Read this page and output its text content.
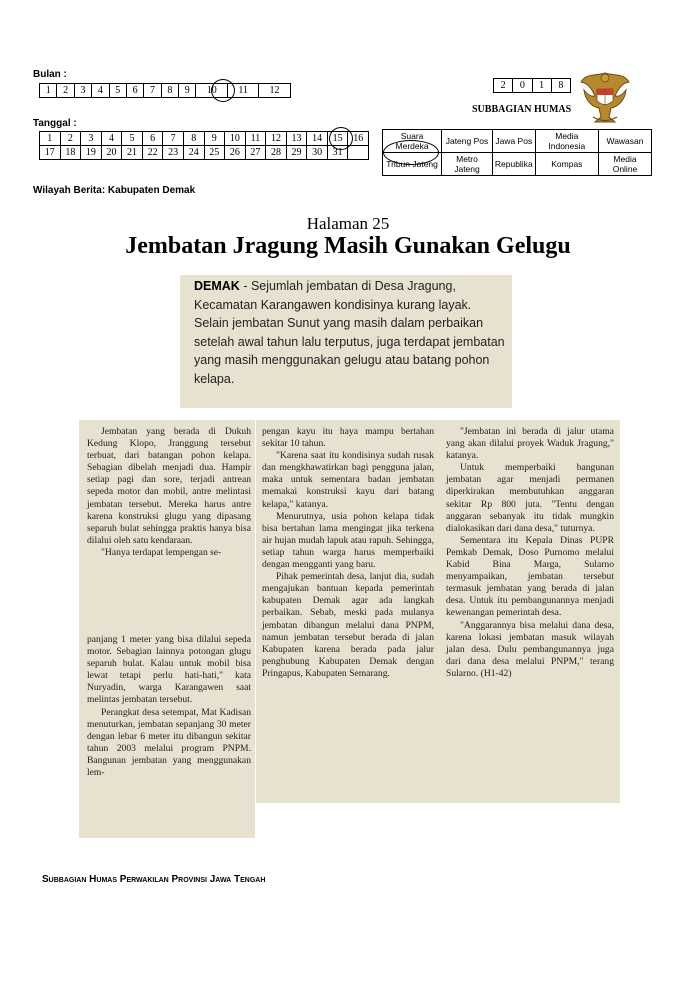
Bulan :
1	2	3	4	5	6	7	8	9	10	11	12
Tanggal :
1	2	3	4	5	6	7	8	9	10	11	12	13	14	15	16
17	18	19	20	21	22	23	24	25	26	27	28	29	30	31	
2	0	1	8
SUBBAGIAN HUMAS
Suara Merdeka	Jateng Pos	Jawa Pos	Media Indonesia	Wawasan
Tribun Jateng	Metro Jateng	Republika	Kompas	Media Online
Wilayah Berita: Kabupaten Demak
Halaman 25
Jembatan Jragung Masih Gunakan Gelugu
DEMAK - Sejumlah jembatan di Desa Jragung, Kecamatan Karangawen kondisinya kurang layak. Selain jembatan Sunut yang masih dalam perbaikan setelah awal tahun lalu terputus, juga terdapat jembatan yang masih menggunakan gelugu atau batang pohon kelapa.

Jembatan yang berada di Dukuh Kedung Klopo, Jranggung tersebut terbuat, dari batangan pohon kelapa. Sebagian dibelah menjadi dua. Hampir setiap pagi dan sore, terjadi antrean sepeda motor dan mobil, antre melintasi jembatan tersebut. Mereka harus antre karena konstruksi glugu yang dipasang separuh bulat sehingga praktis hanya bisa dilalui oleh satu kendaraan.

"Hanya terdapat lempengan se-

panjang 1 meter yang bisa dilalui sepeda motor. Sebagian lainnya potongan glugu separuh bulat. Kalau untuk mobil bisa lewat tetapi perlu hati-hati," kata Nuryadin, warga Karangawen saat melintas jembatan tersebut.

Perangkat desa setempat, Mat Kadisan menuturkan, jembatan sepanjang 30 meter dengan lebar 6 meter itu dibangun sekitar tahun 2003 melalui program PNPM. Bangunan jembatan yang menggunakan lem-

pengan kayu itu haya mampu bertahan sekitar 10 tahun.

"Karena saat itu kondisinya sudah rusak dan mengkhawatirkan bagi pengguna jalan, maka untuk sementara badan jembatan memakai konstruksi kayu dari batang kelapa," katanya.

Menurutnya, usia pohon kelapa tidak bisa bertahan lama mengingat jika terkena air hujan mudah lapuk atau rapuh. Sehingga, setiap tahun warga harus memperbaiki dengan mengganti yang baru.

Pihak pemerintah desa, lanjut dia, sudah mengajukan bantuan kepada pemerintah kabupaten Demak agar ada langkah perbaikan. Sebab, meski pada mulanya jembatan dibangun melalui dana PNPM, namun jembatan tersebut berada di jalan Kabupaten karena berada pada jalur penghubung Kabupaten Demak dengan Pringapus, Kabupaten Semarang.

"Jembatan ini berada di jalur utama yang akan dilalui proyek Waduk Jragung," katanya.

Untuk memperbaiki bangunan jembatan agar menjadi permanen diperkirakan membutuhkan anggaran sekitar Rp 800 juta. "Tentu dengan anggaran sebanyak itu tidak mungkin dialokasikan dari dana desa," tuturnya.

Sementara itu Kepala Dinas PUPR Pemkab Demak, Doso Purnomo melalui Kabid Bina Marga, Sularno menyampaikan, jembatan tersebut termasuk jembatan yang berada di jalan desa. Untuk itu pembangunannya menjadi kewenangan pemerintah desa.

"Anggarannya bisa melalui dana desa, karena lokasi jembatan masuk wilayah jalan desa. Dulu pembangunannya juga dari dana desa melalui PNPM," terang Sularno. (H1-42)

Subbagian Humas Perwakilan Provinsi Jawa Tengah
